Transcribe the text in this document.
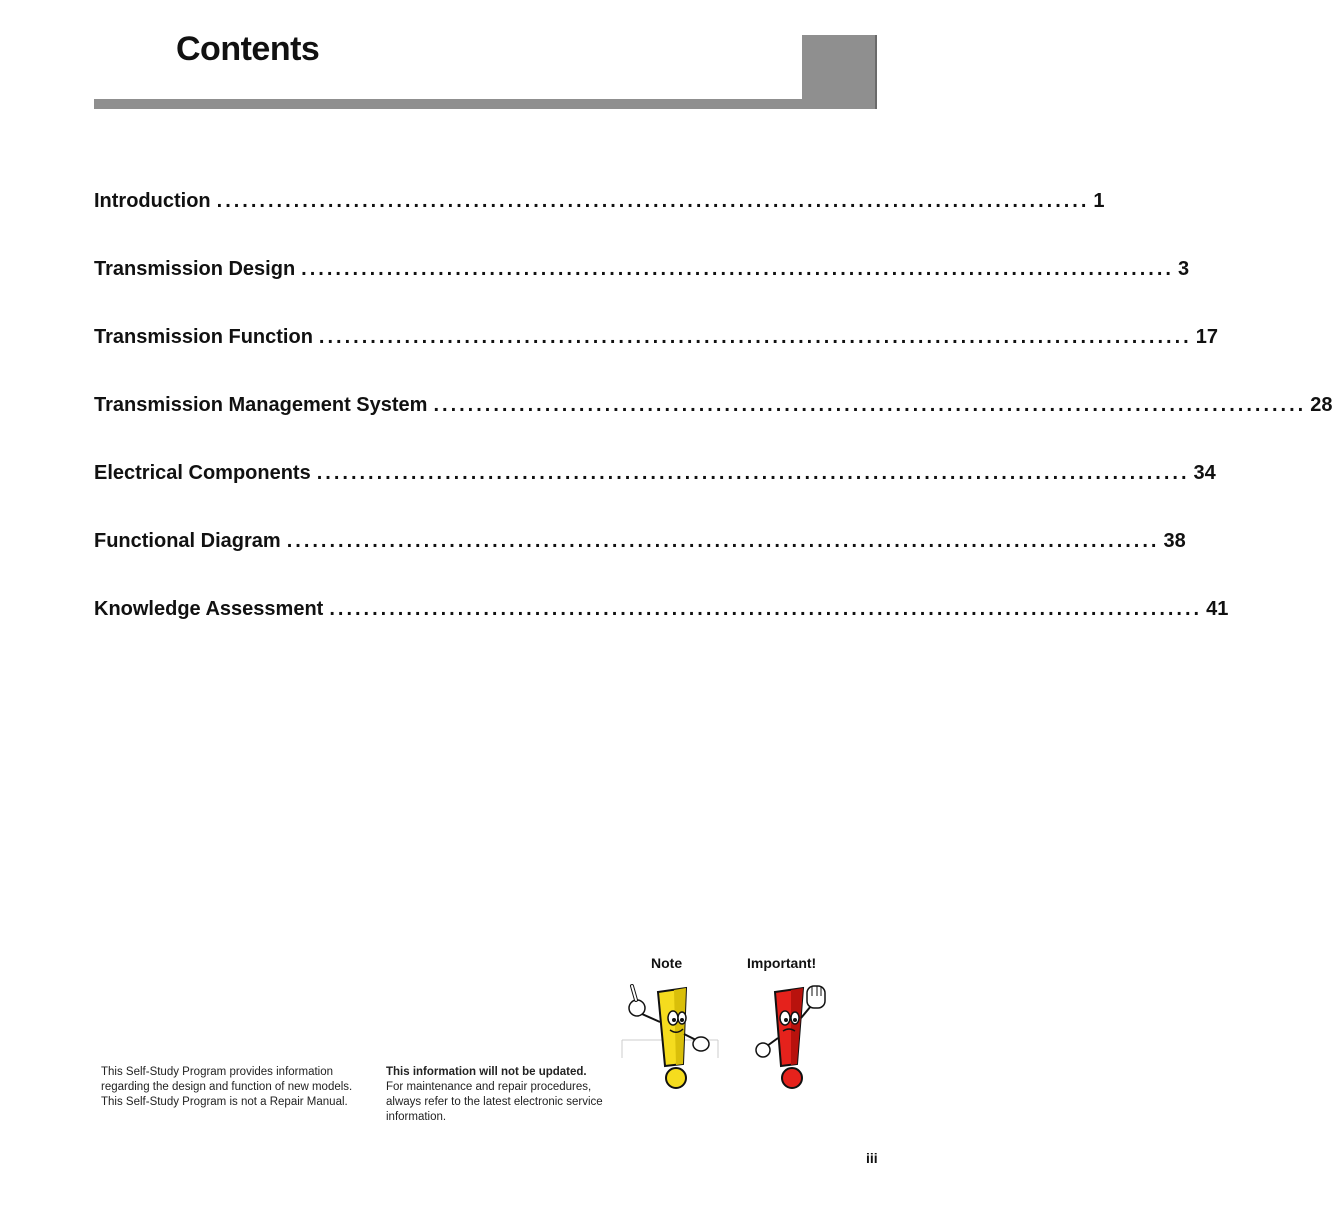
Contents
Introduction ...................................................................................................... 1
Transmission Design ...................................................................................................... 3
Transmission Function ...................................................................................................... 17
Transmission Management System ...................................................................................................... 28
Electrical Components ...................................................................................................... 34
Functional Diagram ...................................................................................................... 38
Knowledge Assessment ...................................................................................................... 41
Note	Important!

This Self-Study Program provides information regarding the design and function of new models.

This Self-Study Program is not a Repair Manual.

This information will not be updated.

For maintenance and repair procedures, always refer to the latest electronic service information.

iii
